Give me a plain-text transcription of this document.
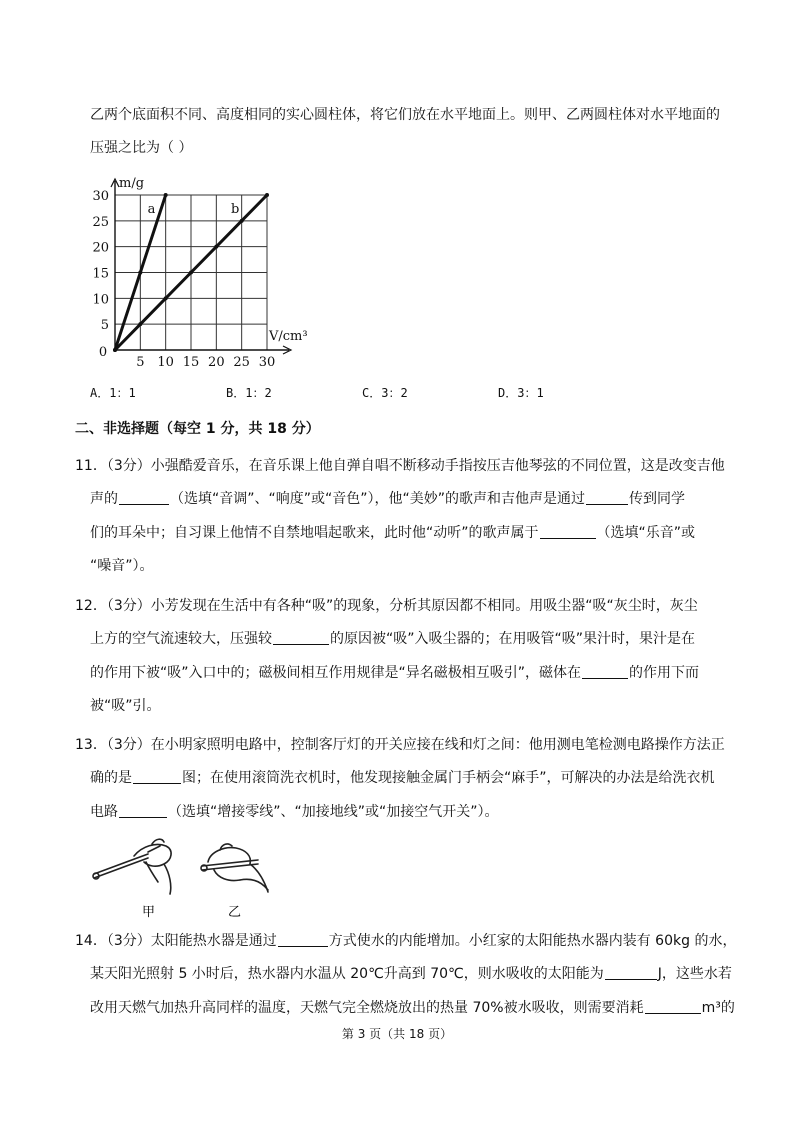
乙两个底面积不同、高度相同的实心圆柱体，将它们放在水平地面上。则甲、乙两圆柱体对水平地面的
压强之比为（ ）
a	b
5 10 15 20 25 30
5
10
15
20
25
30
0
m/g
V/cm³
A．1：1	B．1：2	C．3：2	D．3：1
二、非选择题（每空 1 分，共 18 分）
11．（3分）小强酷爱音乐，在音乐课上他自弹自唱不断移动手指按压吉他琴弦的不同位置，这是改变吉他
声的	（选填“音调”、“响度”或“音色”），他“美妙”的歌声和吉他声是通过	传到同学
们的耳朵中；自习课上他情不自禁地唱起歌来，此时他“动听”的歌声属于	（选填“乐音”或
“噪音”）。
12．（3分）小芳发现在生活中有各种“吸”的现象，分析其原因都不相同。用吸尘器“吸“灰尘时，灰尘
上方的空气流速较大，压强较	的原因被“吸”入吸尘器的；在用吸管“吸”果汁时，果汁是在
的作用下被“吸”入口中的；磁极间相互作用规律是“异名磁极相互吸引”，磁体在	的作用下而
被“吸”引。
13．（3分）在小明家照明电路中，控制客厅灯的开关应接在线和灯之间：他用测电笔检测电路操作方法正
确的是	图；在使用滚筒洗衣机时，他发现接触金属门手柄会“麻手”，可解决的办法是给洗衣机
电路	（选填“增接零线”、“加接地线”或“加接空气开关”）。
甲	乙
14．（3分）太阳能热水器是通过	方式使水的内能增加。小红家的太阳能热水器内装有 60kg 的水，
某天阳光照射 5 小时后，热水器内水温从 20℃升高到 70℃，则水吸收的太阳能为	J，这些水若
改用天燃气加热升高同样的温度，天燃气完全燃烧放出的热量 70%被水吸收，则需要消耗	m³的
第 3 页（共 18 页）
